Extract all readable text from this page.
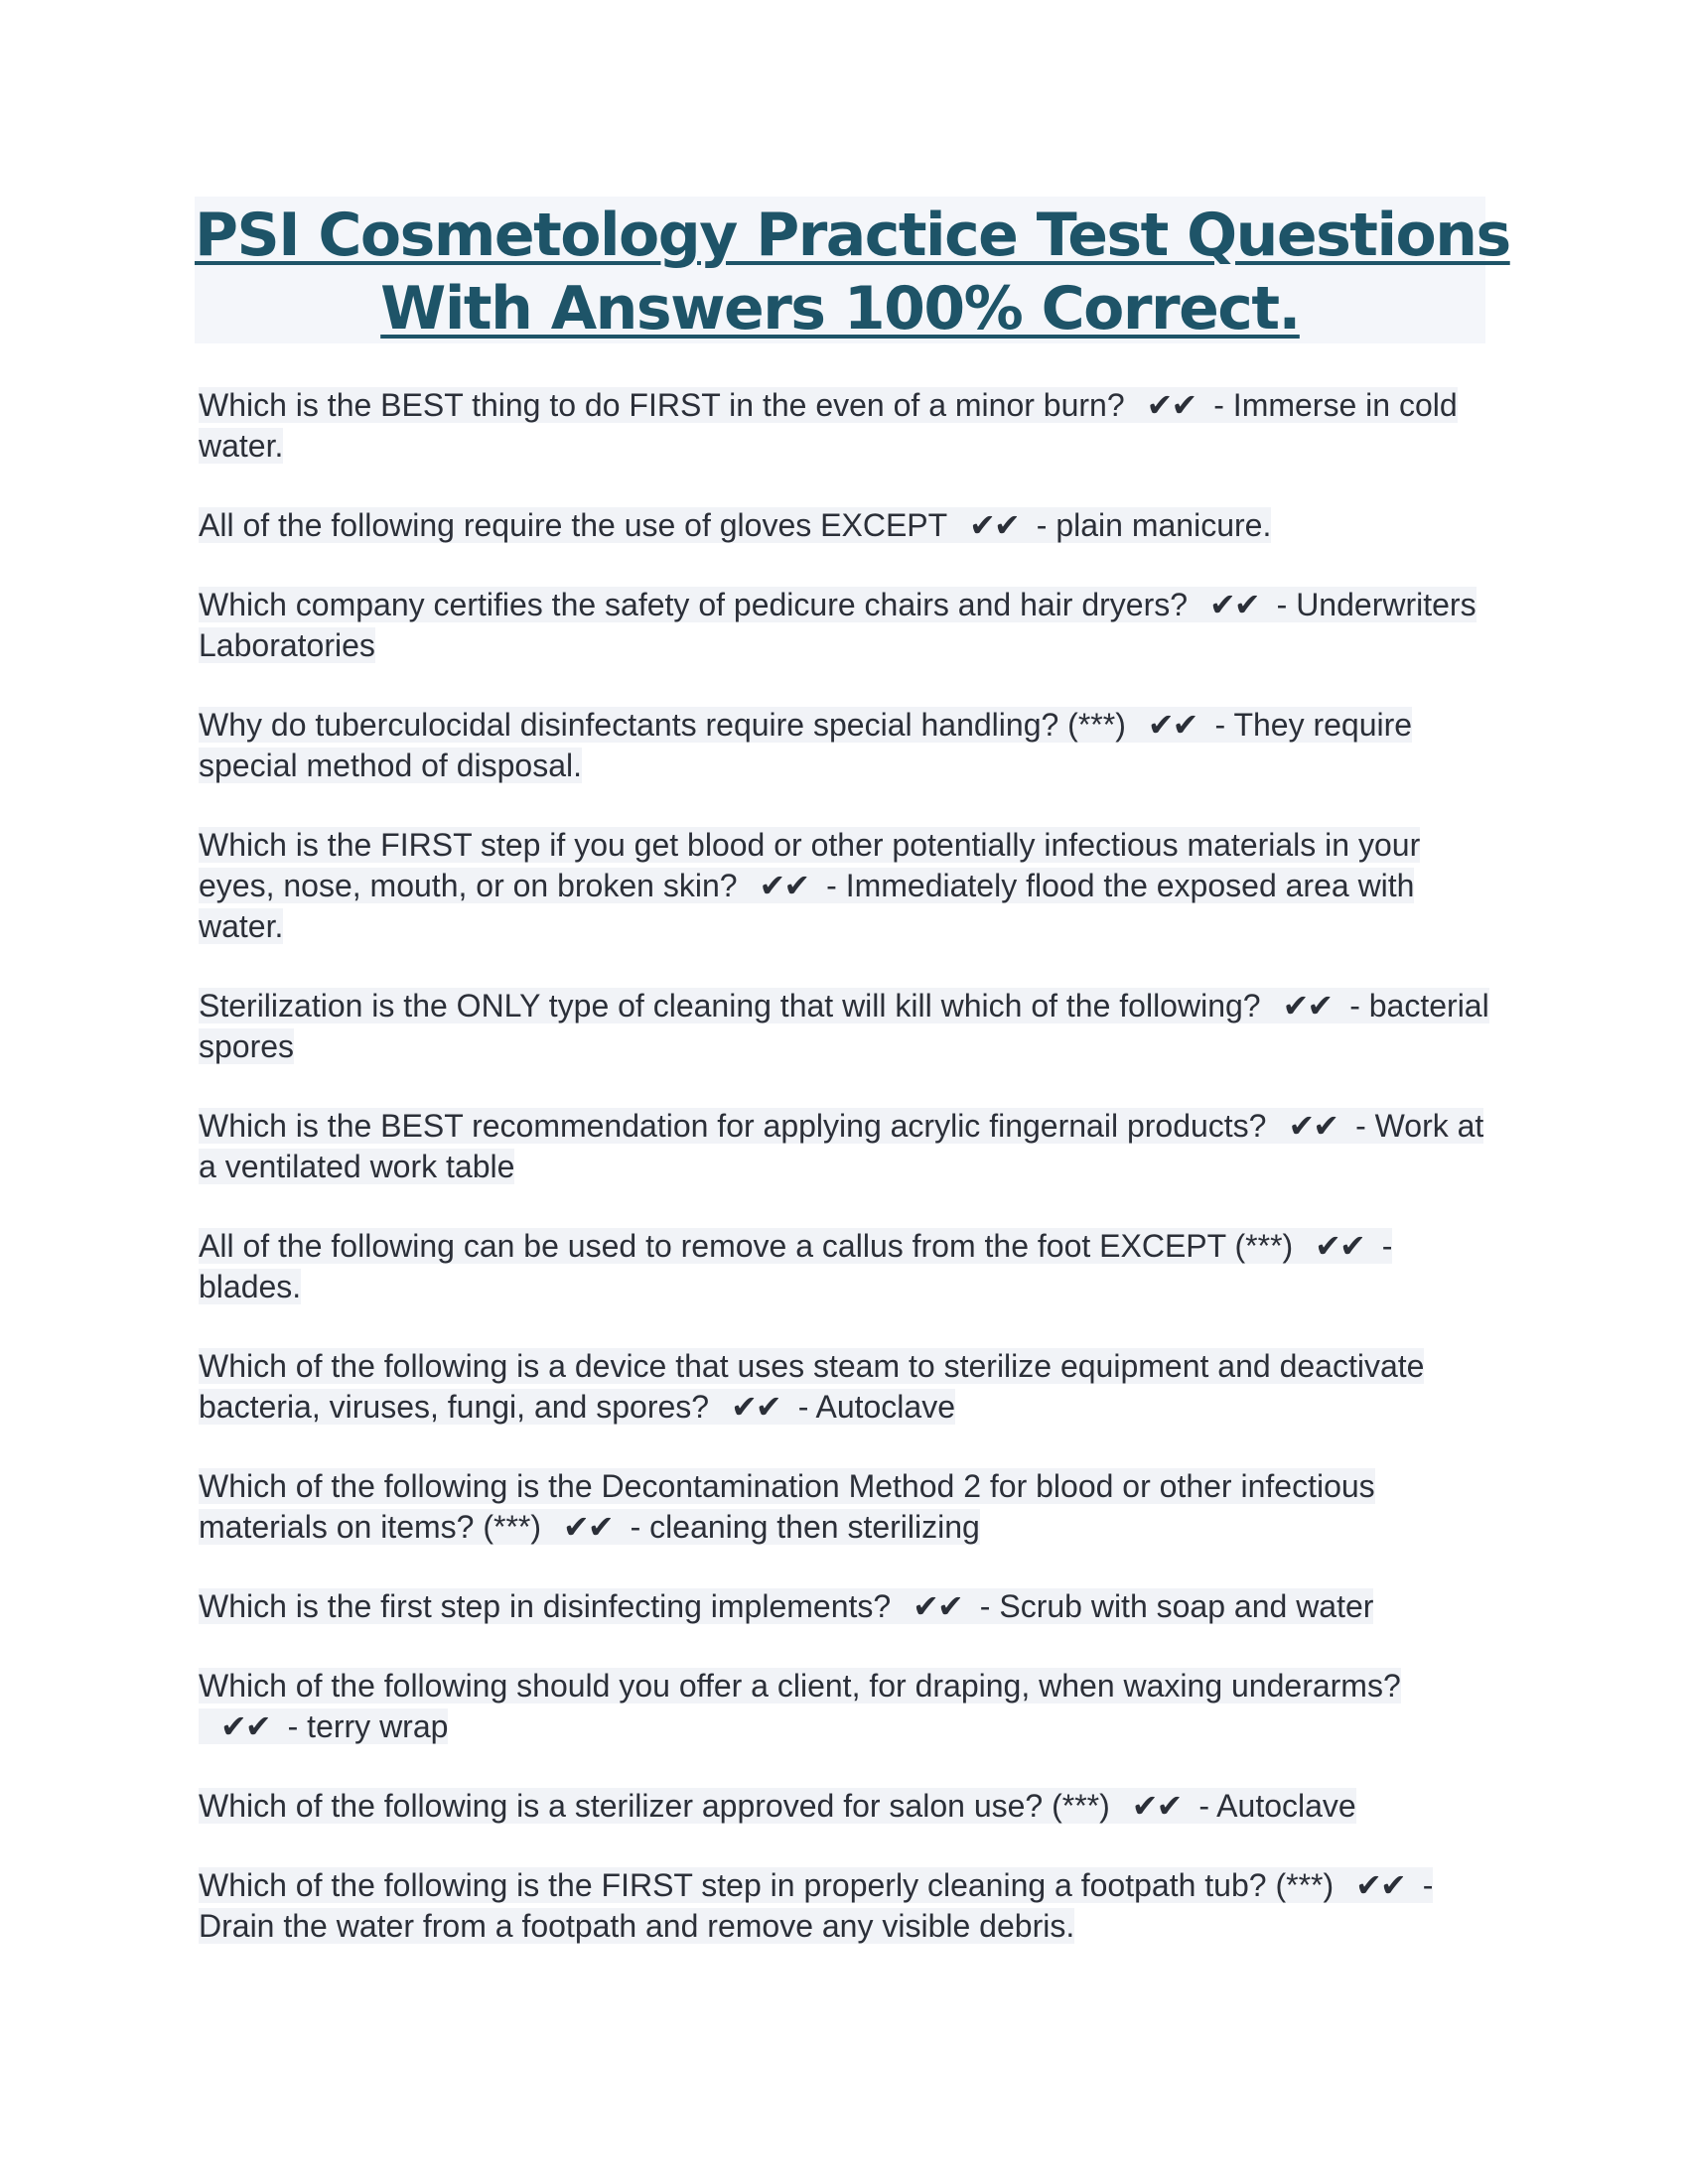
PSI Cosmetology Practice Test Questions
With Answers 100% Correct.
Which is the BEST thing to do FIRST in the even of a minor burn? ✔✔ - Immerse in cold water.
All of the following require the use of gloves EXCEPT ✔✔ - plain manicure.
Which company certifies the safety of pedicure chairs and hair dryers? ✔✔ - Underwriters Laboratories
Why do tuberculocidal disinfectants require special handling? (***) ✔✔ - They require special method of disposal.
Which is the FIRST step if you get blood or other potentially infectious materials in your eyes, nose, mouth, or on broken skin? ✔✔ - Immediately flood the exposed area with water.
Sterilization is the ONLY type of cleaning that will kill which of the following? ✔✔ - bacterial spores
Which is the BEST recommendation for applying acrylic fingernail products? ✔✔ - Work at a ventilated work table
All of the following can be used to remove a callus from the foot EXCEPT (***) ✔✔ - blades.
Which of the following is a device that uses steam to sterilize equipment and deactivate bacteria, viruses, fungi, and spores? ✔✔ - Autoclave
Which of the following is the Decontamination Method 2 for blood or other infectious materials on items? (***) ✔✔ - cleaning then sterilizing
Which is the first step in disinfecting implements? ✔✔ - Scrub with soap and water
Which of the following should you offer a client, for draping, when waxing underarms?✔✔ - terry wrap
Which of the following is a sterilizer approved for salon use? (***) ✔✔ - Autoclave
Which of the following is the FIRST step in properly cleaning a footpath tub? (***) ✔✔ - Drain the water from a footpath and remove any visible debris.
